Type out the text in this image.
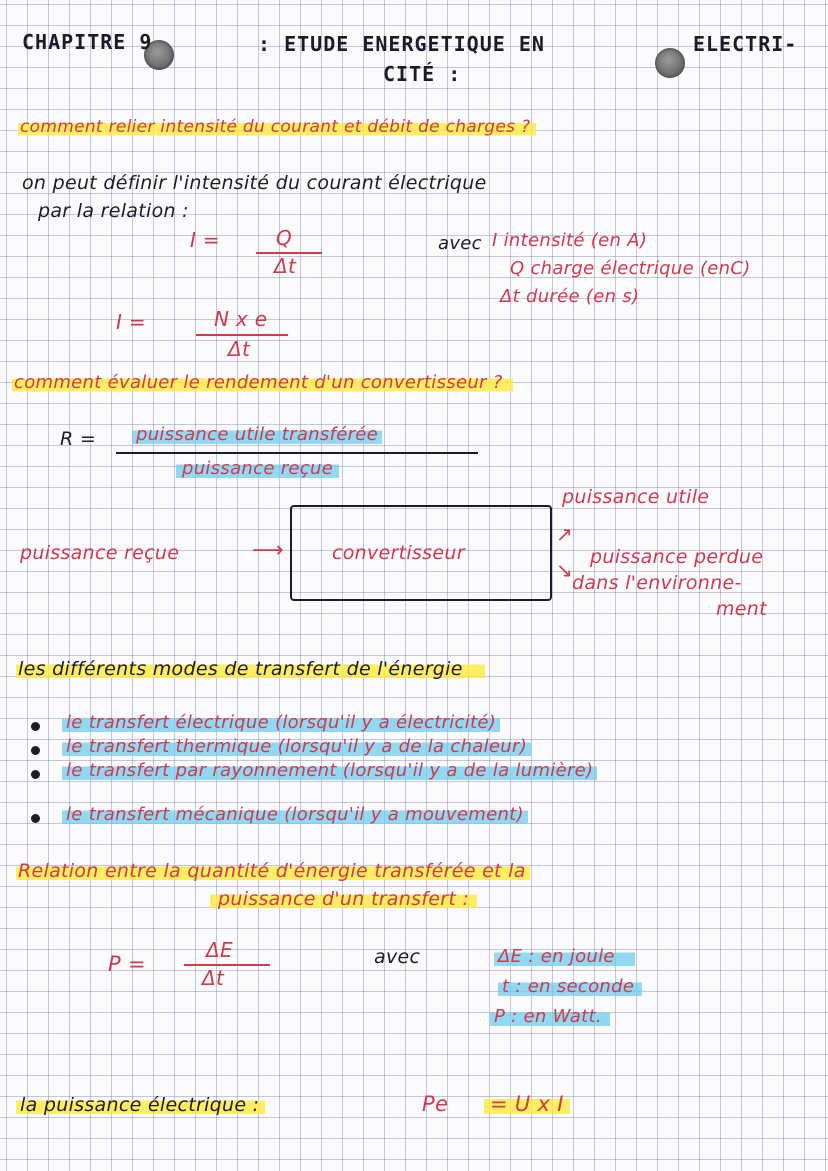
CHAPITRE 9	: ETUDE ENERGETIQUE EN	ELECTRI-
CITÉ :
comment relier intensité du courant et débit de charges ?
on peut définir l'intensité du courant électrique
par la relation :
I =	Q
Δt
avec I intensité (en A)
Q charge électrique (enC)
Δt durée (en s)
I =	N x e
Δt
comment évaluer le rendement d'un convertisseur ?
R = puissance utile transférée
puissance reçue
convertisseur
puissance reçue	⟶
↗
puissance utile
↘
puissance perdue
dans l'environne-
ment
les différents modes de transfert de l'énergie
le transfert électrique (lorsqu'il y a électricité)
le transfert thermique (lorsqu'il y a de la chaleur)
le transfert par rayonnement (lorsqu'il y a de la lumière)
le transfert mécanique (lorsqu'il y a mouvement)
Relation entre la quantité d'énergie transférée et la
puissance d'un transfert :
P =
ΔE
Δt
avec	ΔE : en joule
t : en seconde
P : en Watt.
la puissance électrique :	Pe = U x I
